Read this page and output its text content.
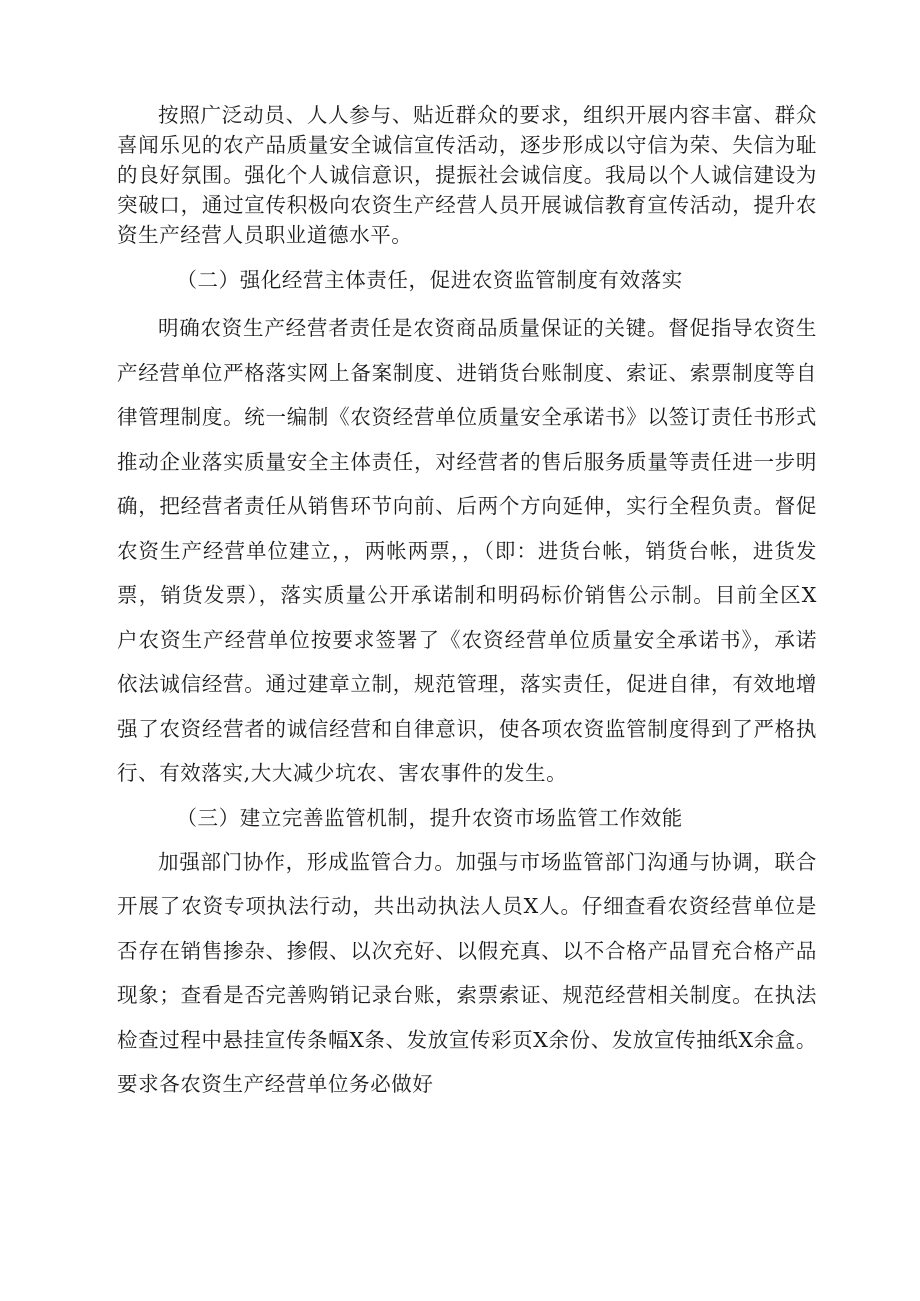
按照广泛动员、人人参与、贴近群众的要求，组织开展内容丰富、群众喜闻乐见的农产品质量安全诚信宣传活动，逐步形成以守信为荣、失信为耻的良好氛围。强化个人诚信意识，提振社会诚信度。我局以个人诚信建设为突破口，通过宣传积极向农资生产经营人员开展诚信教育宣传活动，提升农资生产经营人员职业道德水平。

（二）强化经营主体责任，促进农资监管制度有效落实

明确农资生产经营者责任是农资商品质量保证的关键。督促指导农资生产经营单位严格落实网上备案制度、进销货台账制度、索证、索票制度等自律管理制度。统一编制《农资经营单位质量安全承诺书》以签订责任书形式推动企业落实质量安全主体责任，对经营者的售后服务质量等责任进一步明确，把经营者责任从销售环节向前、后两个方向延伸，实行全程负责。督促农资生产经营单位建立，，两帐两票，，（即：进货台帐，销货台帐，进货发票，销货发票），落实质量公开承诺制和明码标价销售公示制。目前全区X户农资生产经营单位按要求签署了《农资经营单位质量安全承诺书》，承诺依法诚信经营。通过建章立制，规范管理，落实责任，促进自律，有效地增强了农资经营者的诚信经营和自律意识，使各项农资监管制度得到了严格执行、有效落实,大大减少坑农、害农事件的发生。

（三）建立完善监管机制，提升农资市场监管工作效能

加强部门协作，形成监管合力。加强与市场监管部门沟通与协调，联合开展了农资专项执法行动，共出动执法人员X人。仔细查看农资经营单位是否存在销售掺杂、掺假、以次充好、以假充真、以不合格产品冒充合格产品现象；查看是否完善购销记录台账，索票索证、规范经营相关制度。在执法检查过程中悬挂宣传条幅X条、发放宣传彩页X余份、发放宣传抽纸X余盒。要求各农资生产经营单位务必做好
